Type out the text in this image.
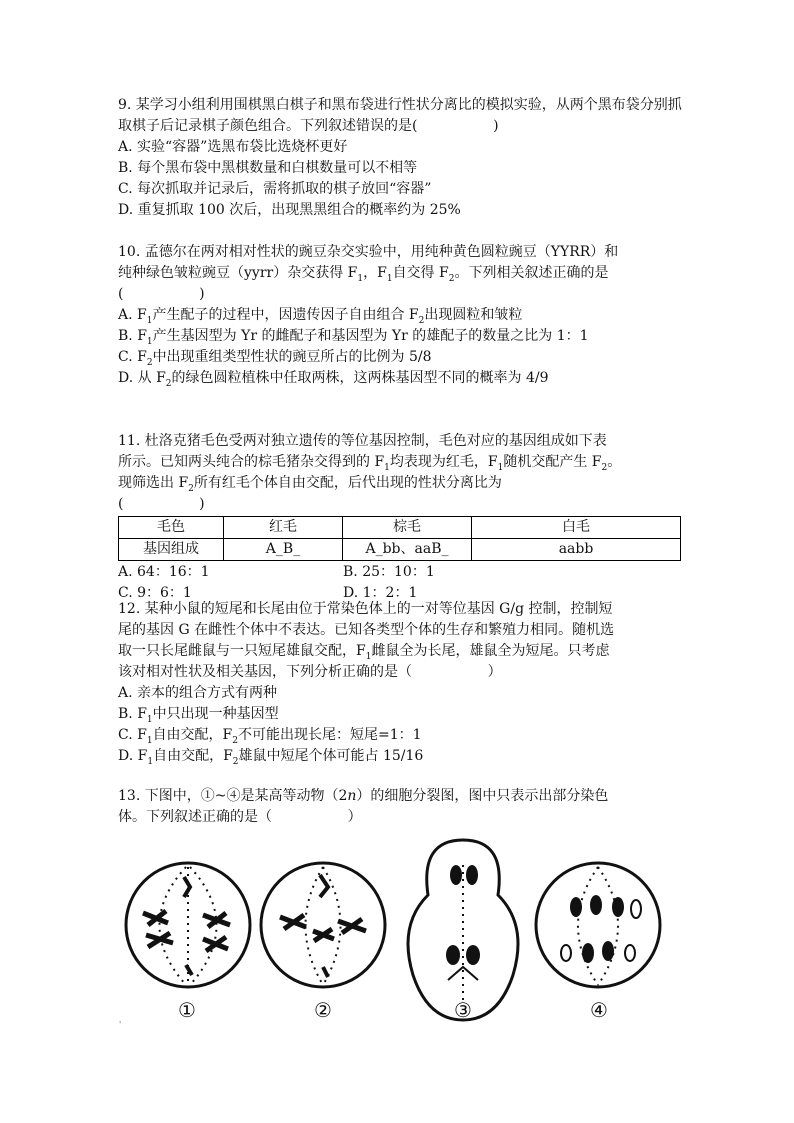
9. 某学习小组利用围棋黑白棋子和黑布袋进行性状分离比的模拟实验，从两个黑布袋分别抓取棋子后记录棋子颜色组合。下列叙述错误的是(                 )

A. 实验“容器”选黑布袋比选烧杯更好

B. 每个黑布袋中黑棋数量和白棋数量可以不相等

C. 每次抓取并记录后，需将抓取的棋子放回“容器”

D. 重复抓取 100 次后，出现黑黑组合的概率约为 25%

10. 孟德尔在两对相对性状的豌豆杂交实验中，用纯种黄色圆粒豌豆（YYRR）和

纯种绿色皱粒豌豆（yyrr）杂交获得 $F_1$，$F_1$自交得 $F_2$。下列相关叙述正确的是

(                 )

A. $F_1$产生配子的过程中，因遗传因子自由组合 $F_2$出现圆粒和皱粒

B. $F_1$产生基因型为 Yr 的雌配子和基因型为 Yr 的雄配子的数量之比为 1：1

C. $F_2$中出现重组类型性状的豌豆所占的比例为 5/8

D. 从 $F_2$的绿色圆粒植株中任取两株，这两株基因型不同的概率为 4/9

11. 杜洛克猪毛色受两对独立遗传的等位基因控制，毛色对应的基因组成如下表

所示。已知两头纯合的棕毛猪杂交得到的 $F_1$均表现为红毛，$F_1$随机交配产生 $F_2$。

现筛选出 $F_2$所有红毛个体自由交配，后代出现的性状分离比为

(                 )

毛色	红毛	棕毛	白毛
基因组成	A_B_	A_bb、aaB_	aabb

A. 64：16：1	B. 25：10：1

C. 9：6：1	D. 1：2：1

12. 某种小鼠的短尾和长尾由位于常染色体上的一对等位基因 G/g 控制，控制短

尾的基因 G 在雌性个体中不表达。已知各类型个体的生存和繁殖力相同。随机选

取一只长尾雌鼠与一只短尾雄鼠交配，$F_1$雌鼠全为长尾，雄鼠全为短尾。只考虑

该对相对性状及相关基因，下列分析正确的是（                 ）

A. 亲本的组合方式有两种

B. $F_1$中只出现一种基因型

C. $F_1$自由交配，$F_2$不可能出现长尾：短尾=1：1

D. $F_1$自由交配，$F_2$雄鼠中短尾个体可能占 15/16

13. 下图中，①~④是某高等动物（2n）的细胞分裂图，图中只表示出部分染色

体。下列叙述正确的是（                 ）

①	②	③	④
'
